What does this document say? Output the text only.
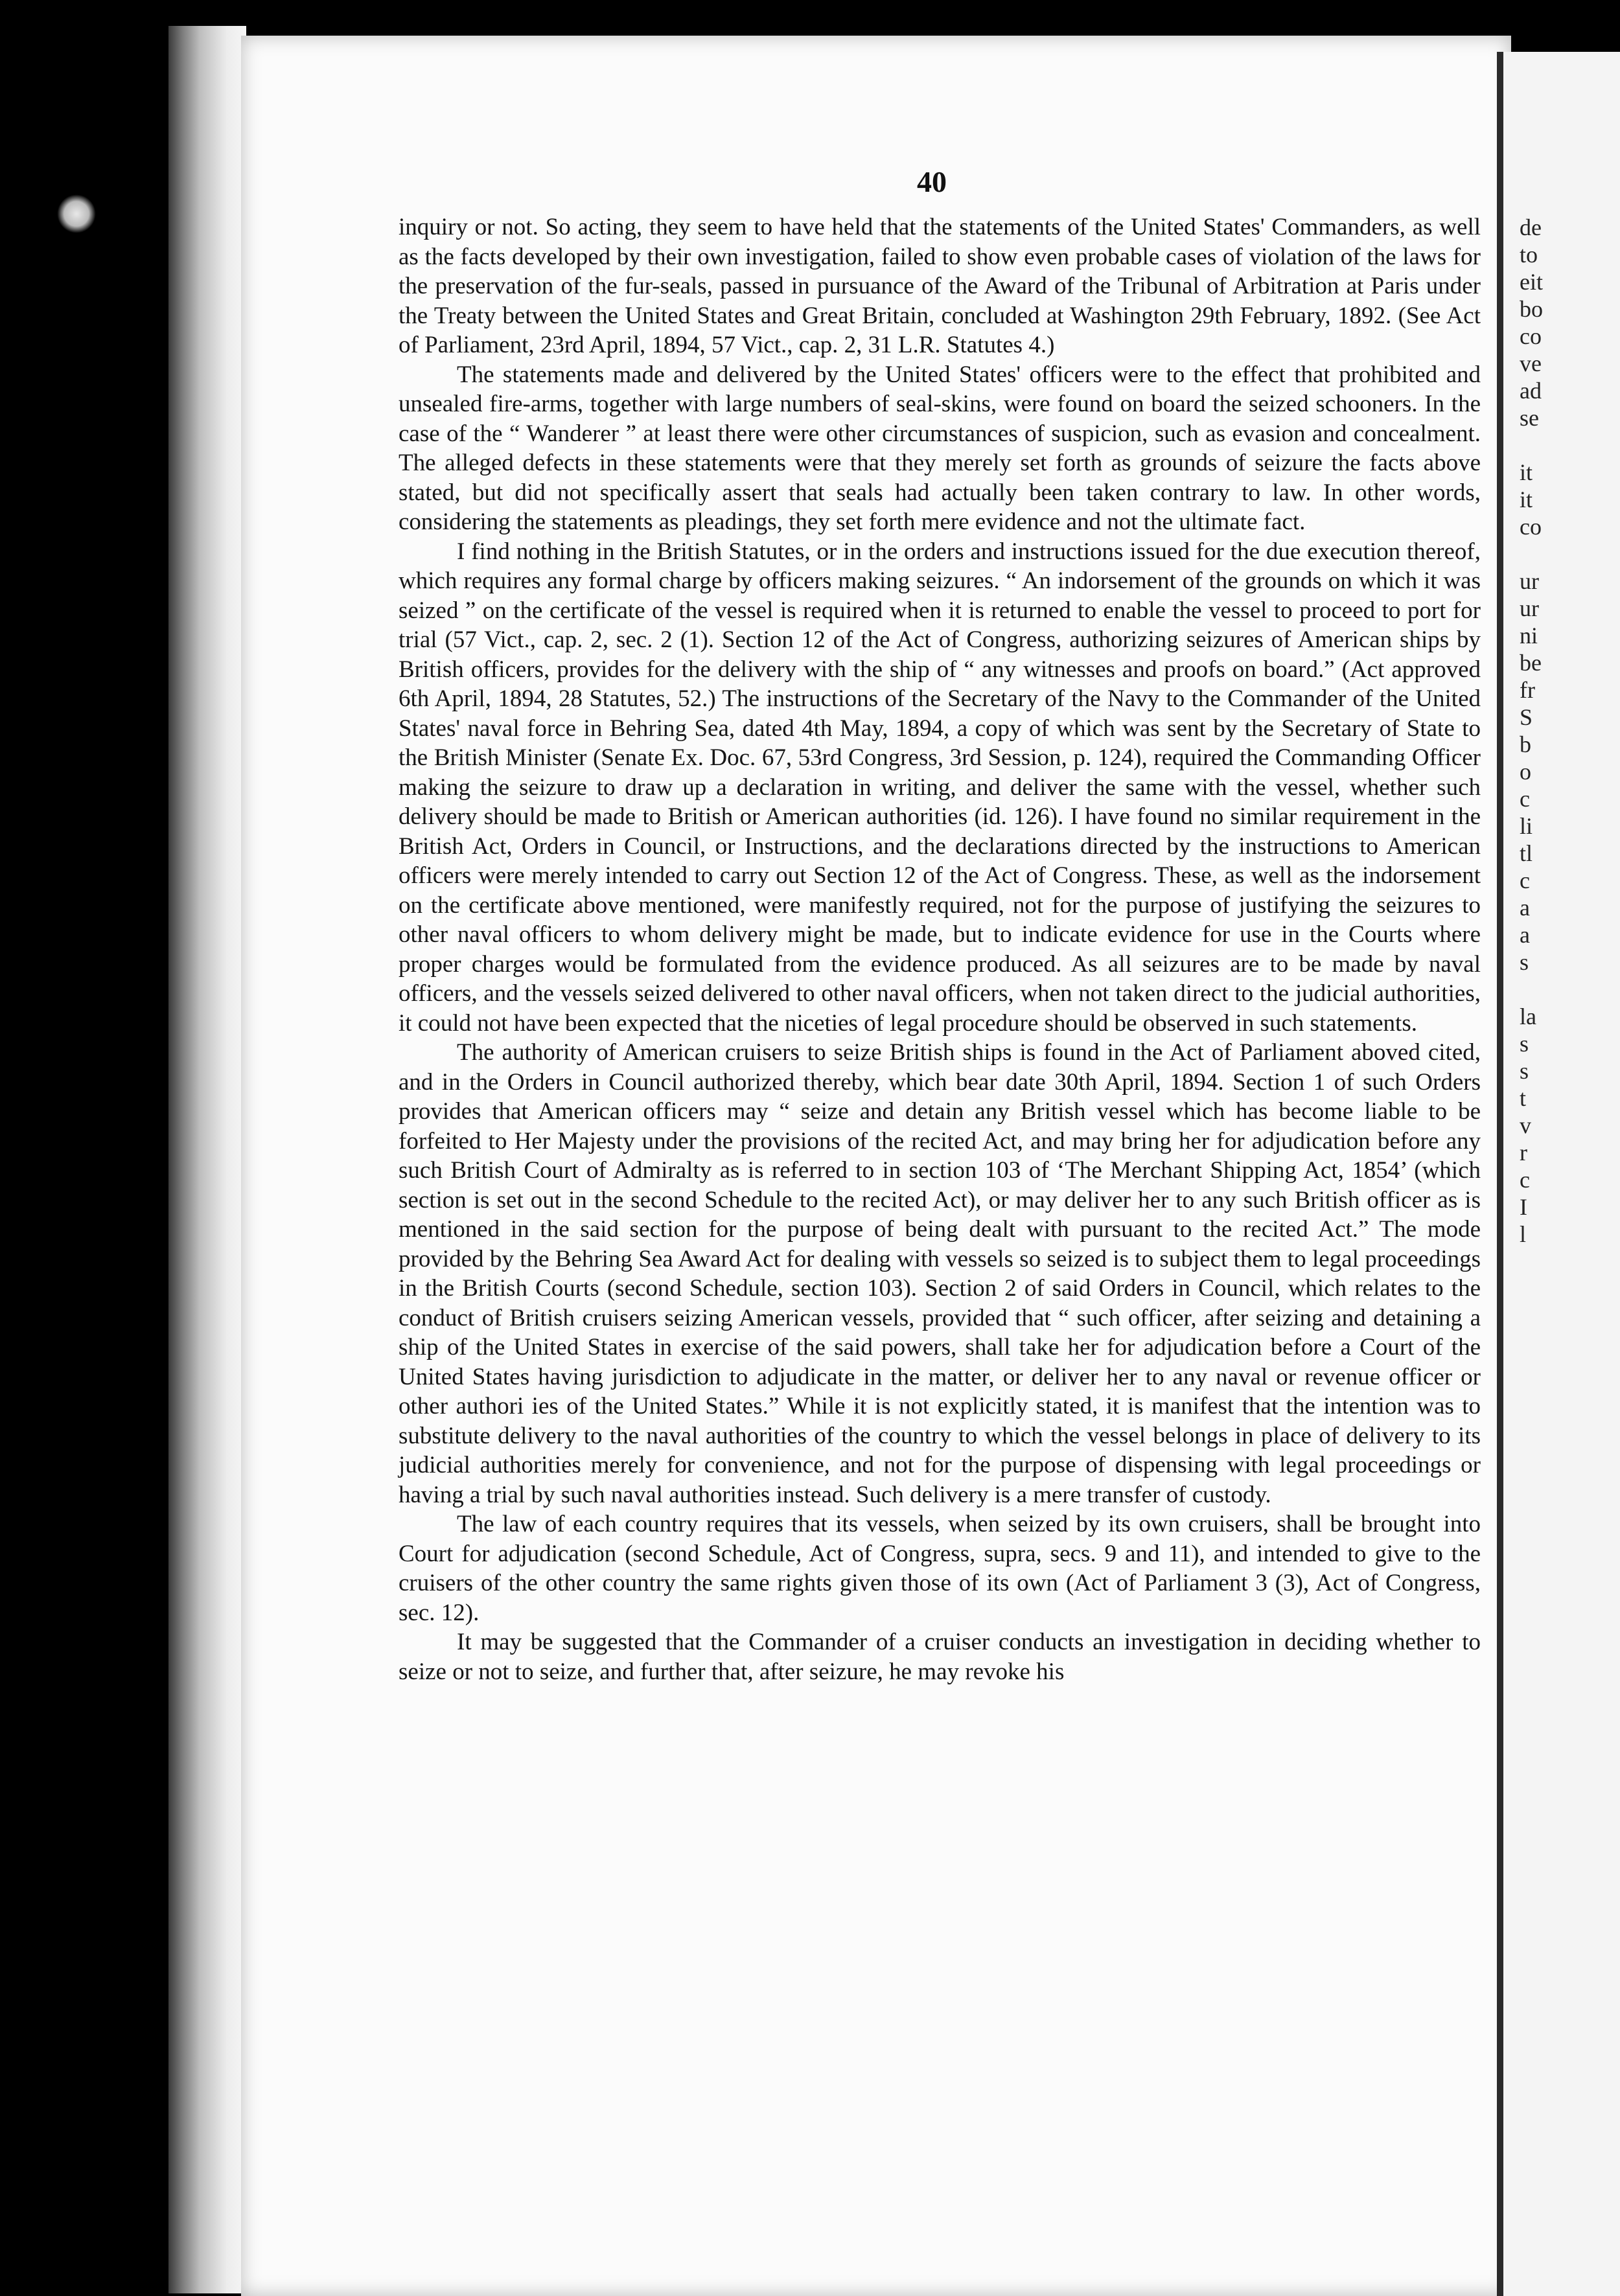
de
to
eit
bo
co
ve
ad
se
it
it
co
ur
ur
ni
be
fr
S
b
o
c
li
tl
c
a
a
s
la
s
s
t
v
r
c
I
l
40

inquiry or not. So acting, they seem to have held that the statements of the United States' Commanders, as well as the facts developed by their own investigation, failed to show even probable cases of violation of the laws for the preservation of the fur-seals, passed in pursuance of the Award of the Tribunal of Arbitration at Paris under the Treaty between the United States and Great Britain, concluded at Washington 29th February, 1892. (See Act of Parliament, 23rd April, 1894, 57 Vict., cap. 2, 31 L.R. Statutes 4.)

The statements made and delivered by the United States' officers were to the effect that prohibited and unsealed fire-arms, together with large numbers of seal-skins, were found on board the seized schooners. In the case of the “ Wanderer ” at least there were other circumstances of suspicion, such as evasion and concealment. The alleged defects in these statements were that they merely set forth as grounds of seizure the facts above stated, but did not specifically assert that seals had actually been taken contrary to law. In other words, considering the statements as pleadings, they set forth mere evidence and not the ultimate fact.

I find nothing in the British Statutes, or in the orders and instructions issued for the due execution thereof, which requires any formal charge by officers making seizures. “ An indorsement of the grounds on which it was seized ” on the certificate of the vessel is required when it is returned to enable the vessel to proceed to port for trial (57 Vict., cap. 2, sec. 2 (1). Section 12 of the Act of Congress, authorizing seizures of American ships by British officers, provides for the delivery with the ship of “ any witnesses and proofs on board.” (Act approved 6th April, 1894, 28 Statutes, 52.) The instructions of the Secretary of the Navy to the Commander of the United States' naval force in Behring Sea, dated 4th May, 1894, a copy of which was sent by the Secretary of State to the British Minister (Senate Ex. Doc. 67, 53rd Congress, 3rd Session, p. 124), required the Commanding Officer making the seizure to draw up a declaration in writing, and deliver the same with the vessel, whether such delivery should be made to British or American authorities (id. 126). I have found no similar requirement in the British Act, Orders in Council, or Instructions, and the declarations directed by the instructions to American officers were merely intended to carry out Section 12 of the Act of Congress. These, as well as the indorsement on the certificate above mentioned, were manifestly required, not for the purpose of justifying the seizures to other naval officers to whom delivery might be made, but to indicate evidence for use in the Courts where proper charges would be formulated from the evidence produced. As all seizures are to be made by naval officers, and the vessels seized delivered to other naval officers, when not taken direct to the judicial authorities, it could not have been expected that the niceties of legal procedure should be observed in such statements.

The authority of American cruisers to seize British ships is found in the Act of Parliament aboved cited, and in the Orders in Council authorized thereby, which bear date 30th April, 1894. Section 1 of such Orders provides that American officers may “ seize and detain any British vessel which has become liable to be forfeited to Her Majesty under the provisions of the recited Act, and may bring her for adjudication before any such British Court of Admiralty as is referred to in section 103 of ‘The Merchant Shipping Act, 1854’ (which section is set out in the second Schedule to the recited Act), or may deliver her to any such British officer as is mentioned in the said section for the purpose of being dealt with pursuant to the recited Act.” The mode provided by the Behring Sea Award Act for dealing with vessels so seized is to subject them to legal proceedings in the British Courts (second Schedule, section 103). Section 2 of said Orders in Council, which relates to the conduct of British cruisers seizing American vessels, provided that “ such officer, after seizing and detaining a ship of the United States in exercise of the said powers, shall take her for adjudication before a Court of the United States having jurisdiction to adjudicate in the matter, or deliver her to any naval or revenue officer or other authori ies of the United States.” While it is not explicitly stated, it is manifest that the intention was to substitute delivery to the naval authorities of the country to which the vessel belongs in place of delivery to its judicial authorities merely for convenience, and not for the purpose of dispensing with legal proceedings or having a trial by such naval authorities instead. Such delivery is a mere transfer of custody.

The law of each country requires that its vessels, when seized by its own cruisers, shall be brought into Court for adjudication (second Schedule, Act of Congress, supra, secs. 9 and 11), and intended to give to the cruisers of the other country the same rights given those of its own (Act of Parliament 3 (3), Act of Congress, sec. 12).

It may be suggested that the Commander of a cruiser conducts an investigation in deciding whether to seize or not to seize, and further that, after seizure, he may revoke his
